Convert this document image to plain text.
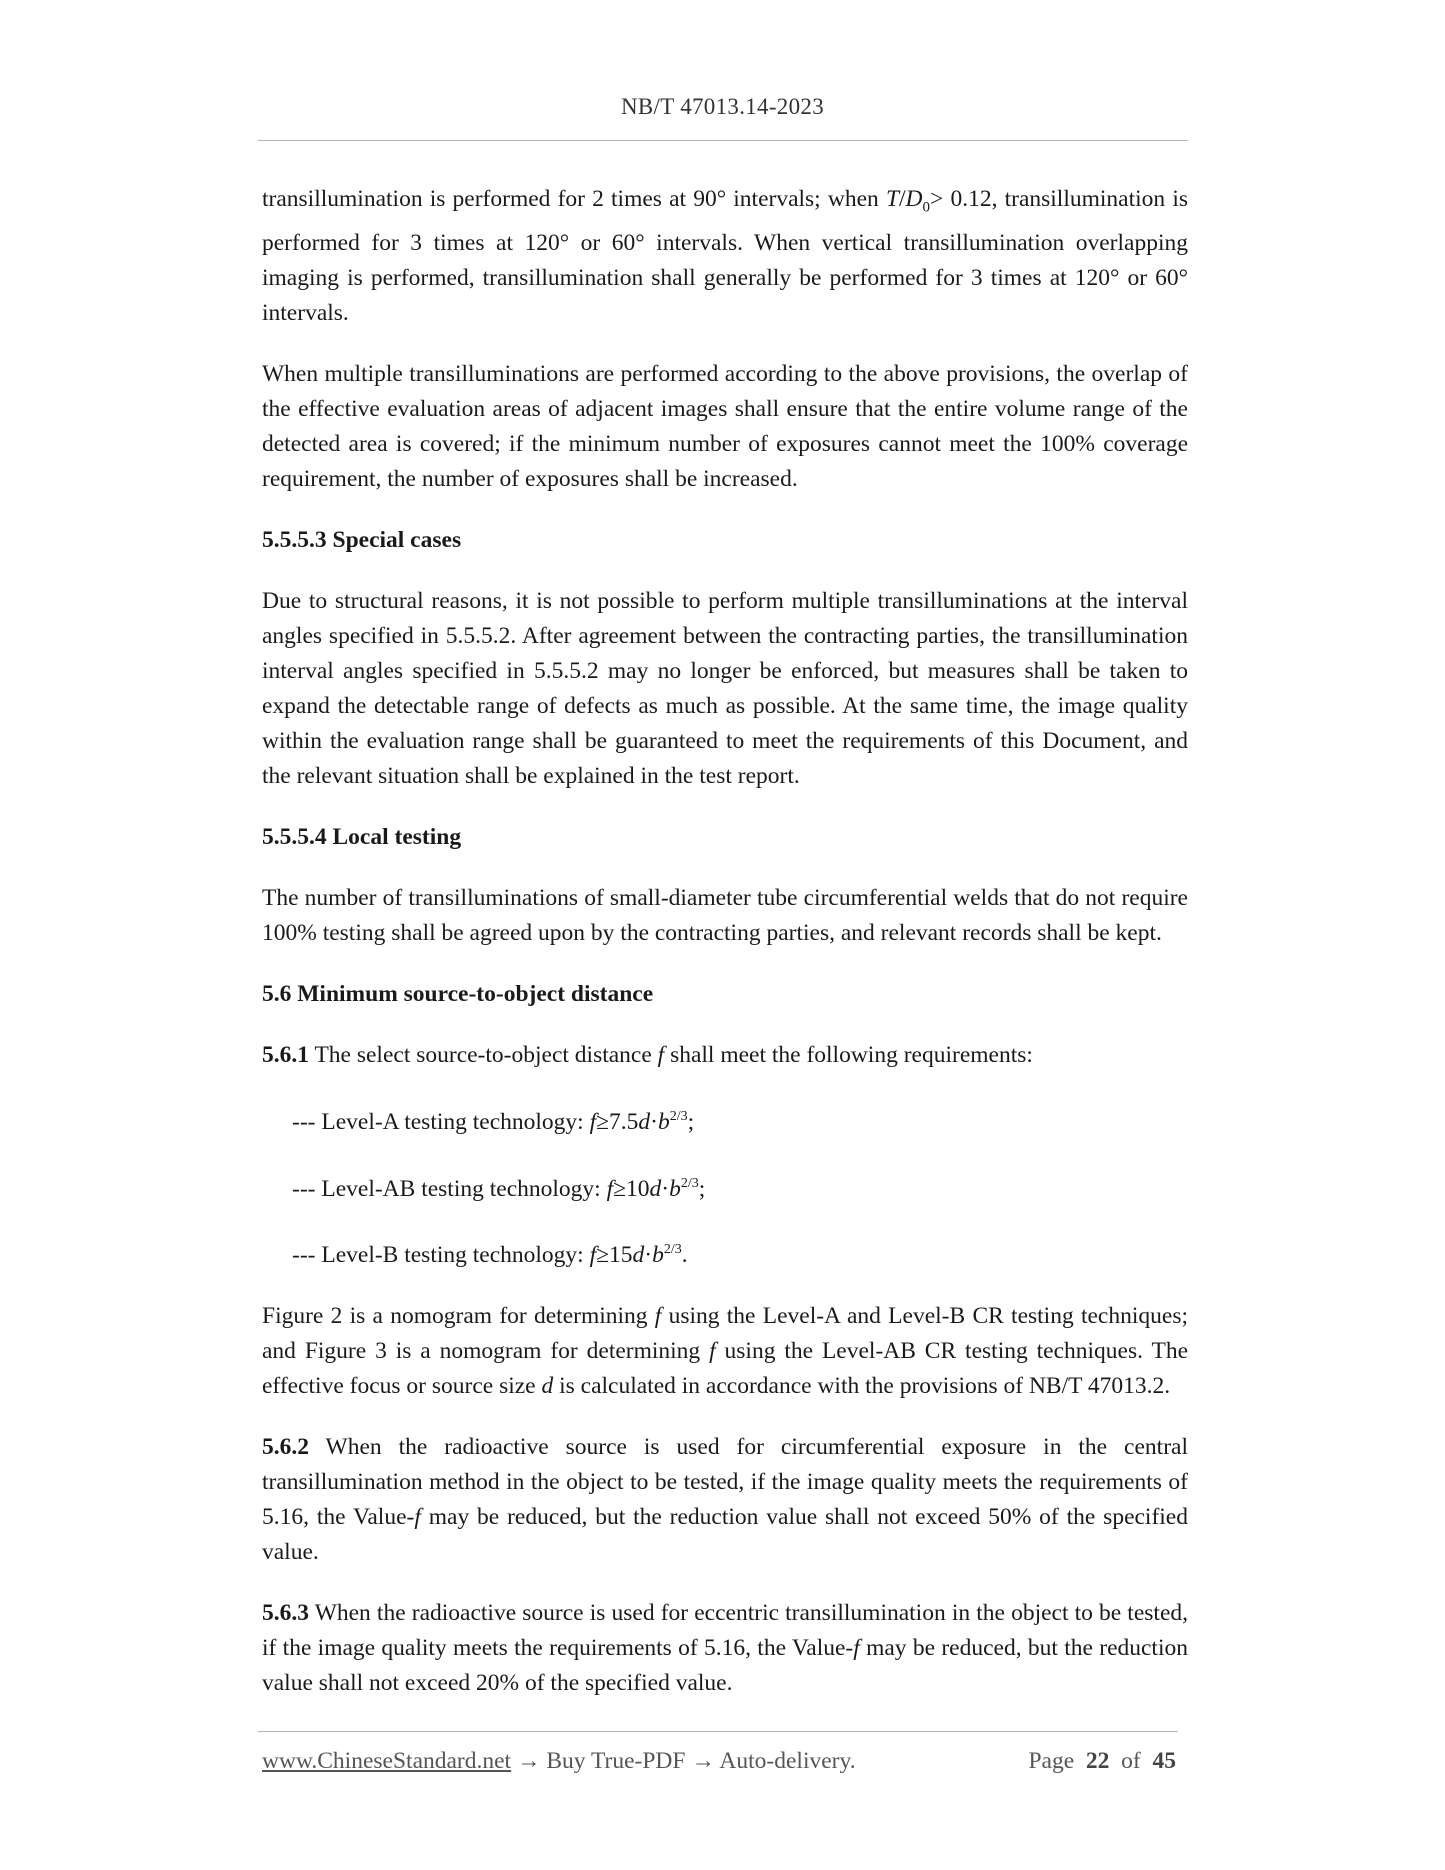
NB/T 47013.14-2023

transillumination is performed for 2 times at 90° intervals; when $T/D_0> 0.12$, transillumination is performed for 3 times at 120° or 60° intervals. When vertical transillumination overlapping imaging is performed, transillumination shall generally be performed for 3 times at 120° or 60° intervals.

When multiple transilluminations are performed according to the above provisions, the overlap of the effective evaluation areas of adjacent images shall ensure that the entire volume range of the detected area is covered; if the minimum number of exposures cannot meet the 100% coverage requirement, the number of exposures shall be increased.

5.5.5.3 Special cases

Due to structural reasons, it is not possible to perform multiple transilluminations at the interval angles specified in 5.5.5.2. After agreement between the contracting parties, the transillumination interval angles specified in 5.5.5.2 may no longer be enforced, but measures shall be taken to expand the detectable range of defects as much as possible. At the same time, the image quality within the evaluation range shall be guaranteed to meet the requirements of this Document, and the relevant situation shall be explained in the test report.

5.5.5.4 Local testing

The number of transilluminations of small-diameter tube circumferential welds that do not require 100% testing shall be agreed upon by the contracting parties, and relevant records shall be kept.

5.6 Minimum source-to-object distance

5.6.1 The select source-to-object distance f shall meet the following requirements:

--- Level-A testing technology: $f\ge 7.5d\cdot b^{2/3}$;

--- Level-AB testing technology: $f\ge 10d\cdot b^{2/3}$;

--- Level-B testing technology: $f\ge 15d\cdot b^{2/3}$.

Figure 2 is a nomogram for determining f using the Level-A and Level-B CR testing techniques; and Figure 3 is a nomogram for determining f using the Level-AB CR testing techniques. The effective focus or source size d is calculated in accordance with the provisions of NB/T 47013.2.

5.6.2 When the radioactive source is used for circumferential exposure in the central transillumination method in the object to be tested, if the image quality meets the requirements of 5.16, the Value-f may be reduced, but the reduction value shall not exceed 50% of the specified value.

5.6.3 When the radioactive source is used for eccentric transillumination in the object to be tested, if the image quality meets the requirements of 5.16, the Value-f may be reduced, but the reduction value shall not exceed 20% of the specified value.

www.ChineseStandard.net → Buy True-PDF → Auto-delivery.	Page 22 of 45
